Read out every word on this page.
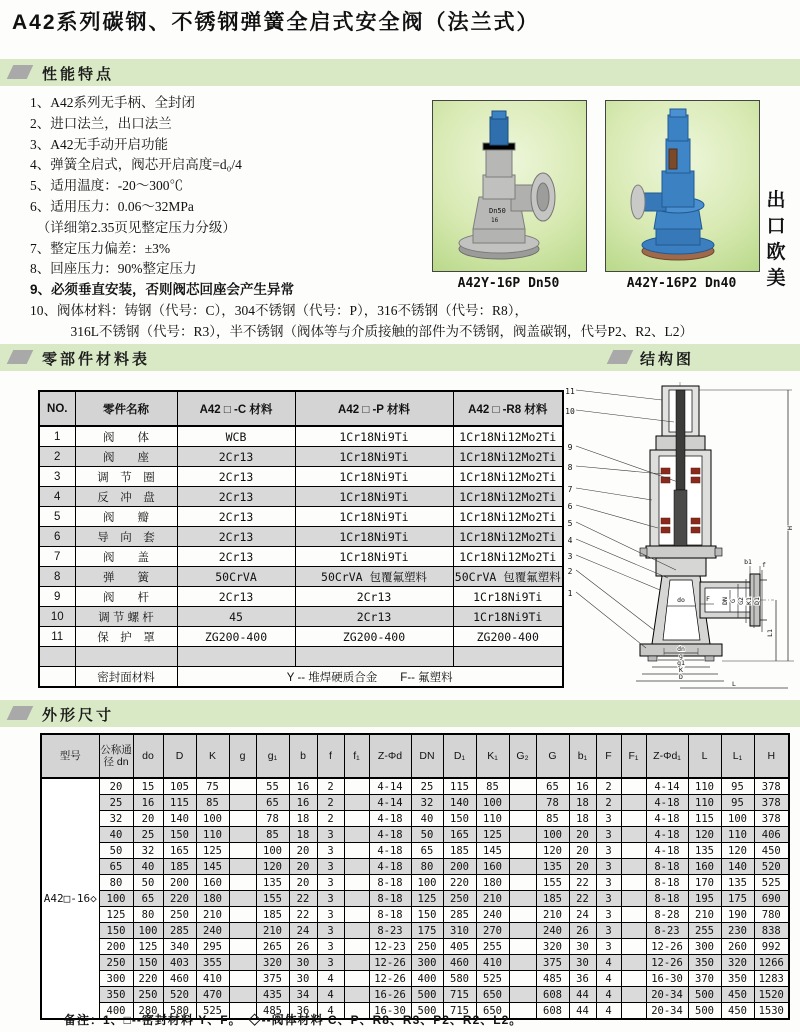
A42系列碳钢、不锈钢弹簧全启式安全阀（法兰式）
性能特点
1、A42系列无手柄、全封闭
2、进口法兰，出口法兰
3、A42无手动开启功能
4、弹簧全启式，阀芯开启高度=d₀/4
5、适用温度：-20～300℃
6、适用压力：0.06～32MPa
　（详细第2.35页见整定压力分级）
7、整定压力偏差：±3%
8、回座压力：90%整定压力
9、必须垂直安装，否则阀芯回座会产生异常
10、阀体材料：铸钢（代号：C），304不锈钢（代号：P），316不锈钢（代号：R8），
　　　316L不锈钢（代号：R3），半不锈钢（阀体等与介质接触的部件为不锈钢，阀盖碳钢，代号P2、R2、L2）
Dn50
16
A42Y-16P Dn50	A42Y-16P2 Dn40
出口欧美
零部件材料表	结构图
NO.	零件名称	A42 □ -C 材料	A42 □ -P 材料	A42 □ -R8 材料
1	阀　　体	WCB	1Cr18Ni9Ti	1Cr18Ni12Mo2Ti
2	阀　　座	2Cr13	1Cr18Ni9Ti	1Cr18Ni12Mo2Ti
3	调　节　圈	2Cr13	1Cr18Ni9Ti	1Cr18Ni12Mo2Ti
4	反　冲　盘	2Cr13	1Cr18Ni9Ti	1Cr18Ni12Mo2Ti
5	阀　　瓣	2Cr13	1Cr18Ni9Ti	1Cr18Ni12Mo2Ti
6	导　向　套	2Cr13	1Cr18Ni9Ti	1Cr18Ni12Mo2Ti
7	阀　　盖	2Cr13	1Cr18Ni9Ti	1Cr18Ni12Mo2Ti
8	弹　　簧	50CrVA	50CrVA 包覆氟塑料	50CrVA 包覆氟塑料
9	阀　　杆	2Cr13	2Cr13	1Cr18Ni9Ti
10	调 节 螺 杆	45	2Cr13	1Cr18Ni9Ti
11	保　护　罩	ZG200-400	ZG200-400	ZG200-400

	密封面材料	Y -- 堆焊硬质合金　　F-- 氟塑料		
11
10
9
8
7
6
5
4
3
2
1
H
L1
b1 f
F DN G G2 K1 D1
do
dn
g
g1
K
D
L
外形尺寸
型号	公称通径 dn	do	D	K	g	g₁	b	f	f₁	Z-Φd	DN	D₁	K₁	G₂	G	b₁	F	F₁	Z-Φd₁	L	L₁	H
A42□-16◇	20	15	105	75		55	16	2		4-14	25	115	85		65	16	2		4-14	110	95	378
	25	16	115	85		65	16	2		4-14	32	140	100		78	18	2		4-18	110	95	378
	32	20	140	100		78	18	2		4-18	40	150	110		85	18	3		4-18	115	100	378
	40	25	150	110		85	18	3		4-18	50	165	125		100	20	3		4-18	120	110	406
	50	32	165	125		100	20	3		4-18	65	185	145		120	20	3		4-18	135	120	450
	65	40	185	145		120	20	3		4-18	80	200	160		135	20	3		8-18	160	140	520
	80	50	200	160		135	20	3		8-18	100	220	180		155	22	3		8-18	170	135	525
	100	65	220	180		155	22	3		8-18	125	250	210		185	22	3		8-18	195	175	690
	125	80	250	210		185	22	3		8-18	150	285	240		210	24	3		8-28	210	190	780
	150	100	285	240		210	24	3		8-23	175	310	270		240	26	3		8-23	255	230	838
	200	125	340	295		265	26	3		12-23	250	405	255		320	30	3		12-26	300	260	992
	250	150	403	355		320	30	3		12-26	300	460	410		375	30	4		12-26	350	320	1266
	300	220	460	410		375	30	4		12-26	400	580	525		485	36	4		16-30	370	350	1283
	350	250	520	470		435	34	4		16-26	500	715	650		608	44	4		20-34	500	450	1520
	400	280	580	525		485	36	4		16-30	500	715	650		608	44	4		20-34	500	450	1530
备注：1、□--密封材料 Y、F。　◇--阀体材料 C、P、R8、R3、P2、R2、L2。
